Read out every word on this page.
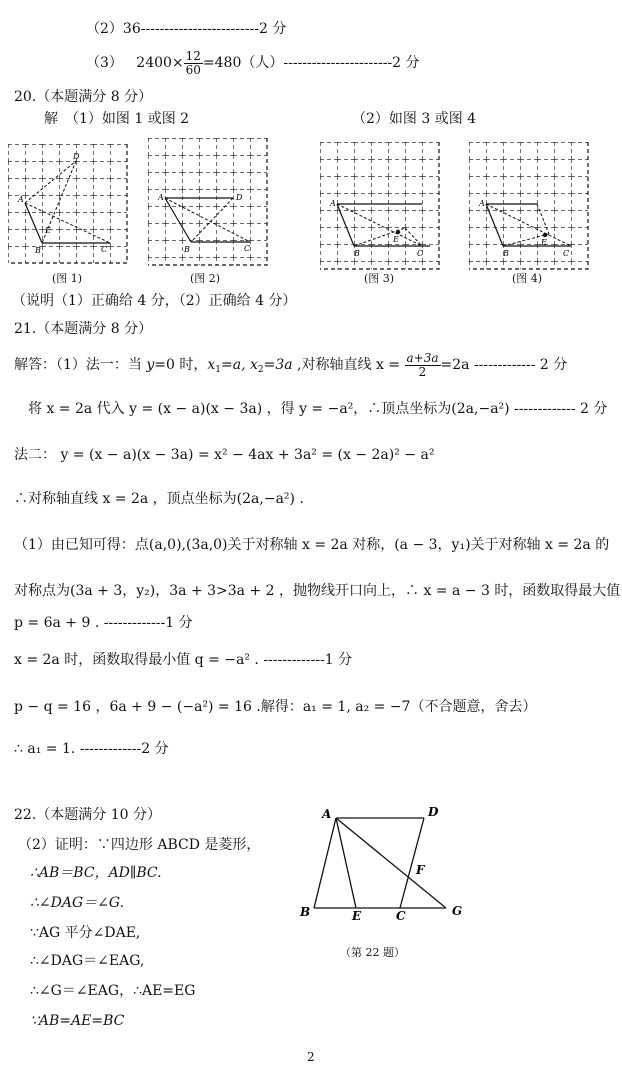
（2）36-------------------------2 分
（3） $2400\times \frac{12}{60} =480$（人）-----------------------2 分
20.（本题满分 8 分）
解　（1）如图 1 或图 2	（2）如图 3 或图 4
A
D
E
B	C
A	D
B	C
A
E
B	C
A
E
B	C
(图 1)	(图 2)	(图 3)	(图 4)
（说明（1）正确给 4 分，（2）正确给 4 分）
21.（本题满分 8 分）
解答：（1）法一：当 y=0 时，$x_1=a$, $x_2=3a$ ,对称轴直线 $x = \frac{a+3a}{2} =2a$ ------------- 2 分
将 x = 2a 代入 y = (x − a)(x − 3a) ，得 y = −a²，∴顶点坐标为(2a,−a²) ------------- 2 分
法二： y = (x − a)(x − 3a) = x² − 4ax + 3a² = (x − 2a)² − a²
∴对称轴直线 x = 2a ，顶点坐标为(2a,−a²) .
（1）由已知可得：点(a,0),(3a,0)关于对称轴 x = 2a 对称，(a − 3，y₁)关于对称轴 x = 2a 的
对称点为(3a + 3，y₂)，3a + 3>3a + 2 ，抛物线开口向上，∴ x = a − 3 时，函数取得最大值
p = 6a + 9 . -------------1 分
x = 2a 时，函数取得最小值 q = −a² . -------------1 分
p − q = 16 ，6a + 9 − (−a²) = 16 .解得：a₁ = 1, a₂ = −7（不合题意，舍去）
∴ a₁ = 1. -------------2 分
22.（本题满分 10 分）
（2）证明：∵四边形 ABCD 是菱形，
∴AB＝BC，AD∥BC.
∴∠DAG＝∠G.
∵AG 平分∠DAE,
∴∠DAG＝∠EAG,
∴∠G＝∠EAG，∴AE=EG
∵AB=AE=BC
A	D
F
B	E	C	G
（第 22 题）
2
